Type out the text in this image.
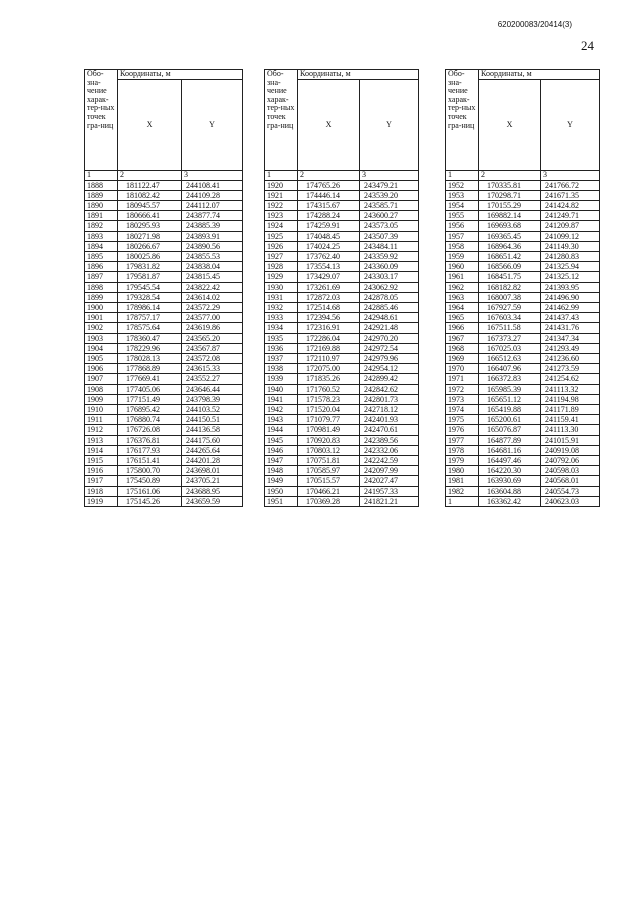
620200083/20414(3)
24
Обо-зна-чение харак-тер-ных точек гра-ниц	Координаты, м	
	X	Y
1	2	3
1888	181122.47	244108.41
1889	181082.42	244109.28
1890	180945.57	244112.07
1891	180666.41	243877.74
1892	180295.93	243885.39
1893	180271.98	243893.91
1894	180266.67	243890.56
1895	180025.86	243855.53
1896	179831.82	243838.04
1897	179581.87	243815.45
1898	179545.54	243822.42
1899	179328.54	243614.02
1900	178986.14	243572.29
1901	178757.17	243577.00
1902	178575.64	243619.86
1903	178360.47	243565.20
1904	178229.96	243567.87
1905	178028.13	243572.08
1906	177868.89	243615.33
1907	177669.41	243552.27
1908	177405.06	243646.44
1909	177151.49	243798.39
1910	176895.42	244103.52
1911	176880.74	244150.51
1912	176726.08	244136.58
1913	176376.81	244175.60
1914	176177.93	244265.64
1915	176151.41	244201.28
1916	175800.70	243698.01
1917	175450.89	243705.21
1918	175161.06	243688.95
1919	175145.26	243659.59
Обо-зна-чение харак-тер-ных точек гра-ниц	Координаты, м	
	X	Y
1	2	3
1920	174765.26	243479.21
1921	174446.14	243539.20
1922	174315.67	243585.71
1923	174288.24	243600.27
1924	174259.91	243573.05
1925	174048.45	243507.39
1926	174024.25	243484.11
1927	173762.40	243359.92
1928	173554.13	243360.09
1929	173429.07	243303.17
1930	173261.69	243062.92
1931	172872.03	242878.05
1932	172514.68	242885.46
1933	172394.56	242948.61
1934	172316.91	242921.48
1935	172286.04	242970.20
1936	172169.88	242972.54
1937	172110.97	242979.96
1938	172075.00	242954.12
1939	171835.26	242899.42
1940	171760.52	242842.62
1941	171578.23	242801.73
1942	171520.04	242718.12
1943	171079.77	242401.93
1944	170981.49	242470.61
1945	170920.83	242389.56
1946	170803.12	242332.06
1947	170751.81	242242.59
1948	170585.97	242097.99
1949	170515.57	242027.47
1950	170466.21	241957.33
1951	170369.28	241821.21
Обо-зна-чение харак-тер-ных точек гра-ниц	Координаты, м	
	X	Y
1	2	3
1952	170335.81	241766.72
1953	170298.71	241671.35
1954	170155.29	241424.82
1955	169882.14	241249.71
1956	169693.68	241209.87
1957	169365.45	241099.12
1958	168964.36	241149.30
1959	168651.42	241280.83
1960	168566.09	241325.94
1961	168451.75	241325.12
1962	168182.82	241393.95
1963	168007.38	241496.90
1964	167927.59	241462.99
1965	167603.34	241437.43
1966	167511.58	241431.76
1967	167373.27	241347.34
1968	167025.03	241293.49
1969	166512.63	241236.60
1970	166407.96	241273.59
1971	166372.83	241254.62
1972	165985.39	241113.32
1973	165651.12	241194.98
1974	165419.88	241171.89
1975	165200.61	241159.41
1976	165076.87	241113.30
1977	164877.89	241015.91
1978	164681.16	240919.08
1979	164497.46	240792.06
1980	164220.30	240598.03
1981	163930.69	240568.01
1982	163604.88	240554.73
1	163362.42	240623.03
